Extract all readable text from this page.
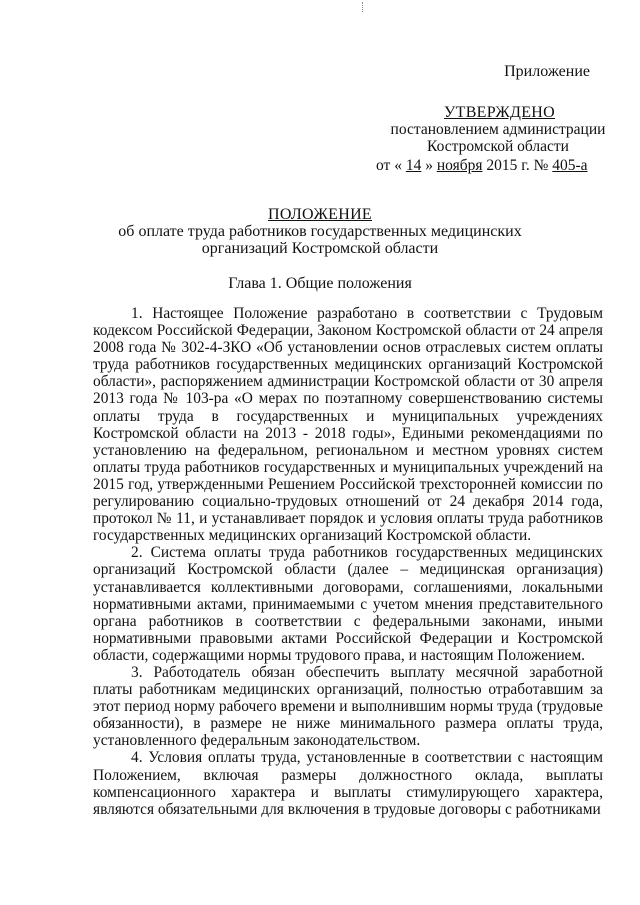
Приложение
УТВЕРЖДЕНО
постановлением администрации
Костромской области
от « 14 » ноября 2015 г. № 405-а
ПОЛОЖЕНИЕ
об оплате труда работников государственных медицинских
организаций Костромской области
Глава 1. Общие положения

1. Настоящее Положение разработано в соответствии с Трудовым кодексом Российской Федерации, Законом Костромской области от 24 апреля 2008 года № 302-4-ЗКО «Об установлении основ отраслевых систем оплаты труда работников государственных медицинских организаций Костромской области», распоряжением администрации Костромской области от 30 апреля 2013 года № 103-ра «О мерах по поэтапному совершенствованию системы оплаты труда в государственных и муниципальных учреждениях Костромской области на 2013 - 2018 годы», Едиными рекомендациями по установлению на федеральном, региональном и местном уровнях систем оплаты труда работников государственных и муниципальных учреждений на 2015 год, утвержденными Решением Российской трехсторонней комиссии по регулированию социально-трудовых отношений от 24 декабря 2014 года, протокол № 11, и устанавливает порядок и условия оплаты труда работников государственных медицинских организаций Костромской области.

2. Система оплаты труда работников государственных медицинских организаций Костромской области (далее – медицинская организация) устанавливается коллективными договорами, соглашениями, локальными нормативными актами, принимаемыми с учетом мнения представительного органа работников в соответствии с федеральными законами, иными нормативными правовыми актами Российской Федерации и Костромской области, содержащими нормы трудового права, и настоящим Положением.

3. Работодатель обязан обеспечить выплату месячной заработной платы работникам медицинских организаций, полностью отработавшим за этот период норму рабочего времени и выполнившим нормы труда (трудовые обязанности), в размере не ниже минимального размера оплаты труда, установленного федеральным законодательством.

4. Условия оплаты труда, установленные в соответствии с настоящим Положением, включая размеры должностного оклада, выплаты компенсационного характера и выплаты стимулирующего характера, являются обязательными для включения в трудовые договоры с работниками
